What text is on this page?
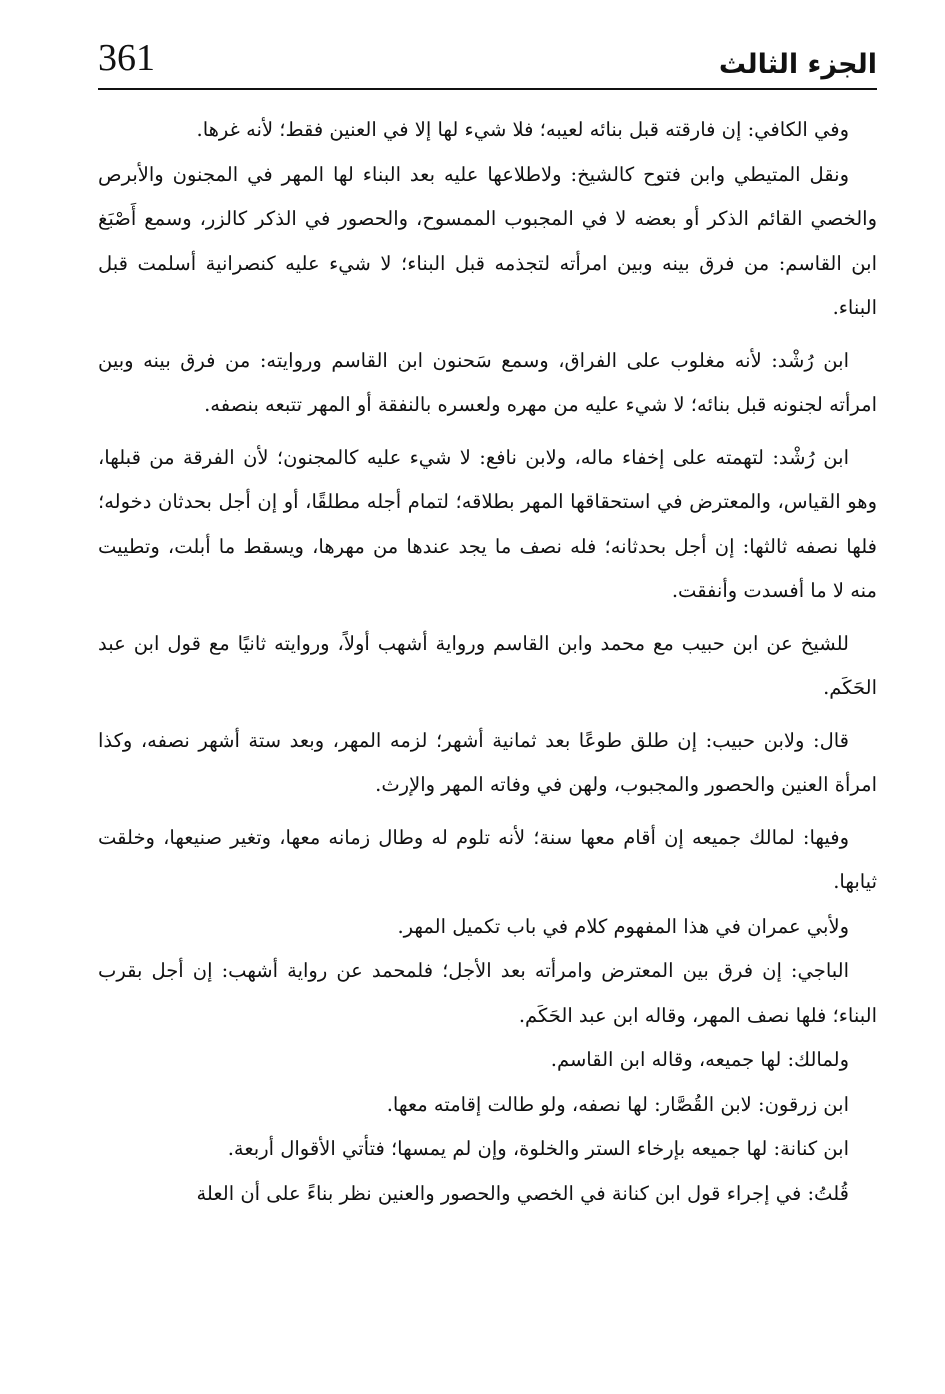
361	الجزء الثالث

وفي الكافي: إن فارقته قبل بنائه لعيبه؛ فلا شيء لها إلا في العنين فقط؛ لأنه غرها.

ونقل المتيطي وابن فتوح كالشيخ: ولاطلاعها عليه بعد البناء لها المهر في المجنون والأبرص والخصي القائم الذكر أو بعضه لا في المجبوب الممسوح، والحصور في الذكر كالزر، وسمع أَصْبَغ ابن القاسم: من فرق بينه وبين امرأته لتجذمه قبل البناء؛ لا شيء عليه كنصرانية أسلمت قبل البناء.

ابن رُشْد: لأنه مغلوب على الفراق، وسمع سَحنون ابن القاسم وروايته: من فرق بينه وبين امرأته لجنونه قبل بنائه؛ لا شيء عليه من مهره ولعسره بالنفقة أو المهر تتبعه بنصفه.

ابن رُشْد: لتهمته على إخفاء ماله، ولابن نافع: لا شيء عليه كالمجنون؛ لأن الفرقة من قبلها، وهو القياس، والمعترض في استحقاقها المهر بطلاقه؛ لتمام أجله مطلقًا، أو إن أجل بحدثان دخوله؛ فلها نصفه ثالثها: إن أجل بحدثانه؛ فله نصف ما يجد عندها من مهرها، ويسقط ما أبلت، وتطييت منه لا ما أفسدت وأنفقت.

للشيخ عن ابن حبيب مع محمد وابن القاسم ورواية أشهب أولاً، وروايته ثانيًا مع قول ابن عبد الحَكَم.

قال: ولابن حبيب: إن طلق طوعًا بعد ثمانية أشهر؛ لزمه المهر، وبعد ستة أشهر نصفه، وكذا امرأة العنين والحصور والمجبوب، ولهن في وفاته المهر والإرث.

وفيها: لمالك جميعه إن أقام معها سنة؛ لأنه تلوم له وطال زمانه معها، وتغير صنيعها، وخلقت ثيابها.

ولأبي عمران في هذا المفهوم كلام في باب تكميل المهر.

الباجي: إن فرق بين المعترض وامرأته بعد الأجل؛ فلمحمد عن رواية أشهب: إن أجل بقرب البناء؛ فلها نصف المهر، وقاله ابن عبد الحَكَم.

ولمالك: لها جميعه، وقاله ابن القاسم.

ابن زرقون: لابن القُصَّار: لها نصفه، ولو طالت إقامته معها.

ابن كنانة: لها جميعه بإرخاء الستر والخلوة، وإن لم يمسها؛ فتأتي الأقوال أربعة.

قُلتُ: في إجراء قول ابن كنانة في الخصي والحصور والعنين نظر بناءً على أن العلة
